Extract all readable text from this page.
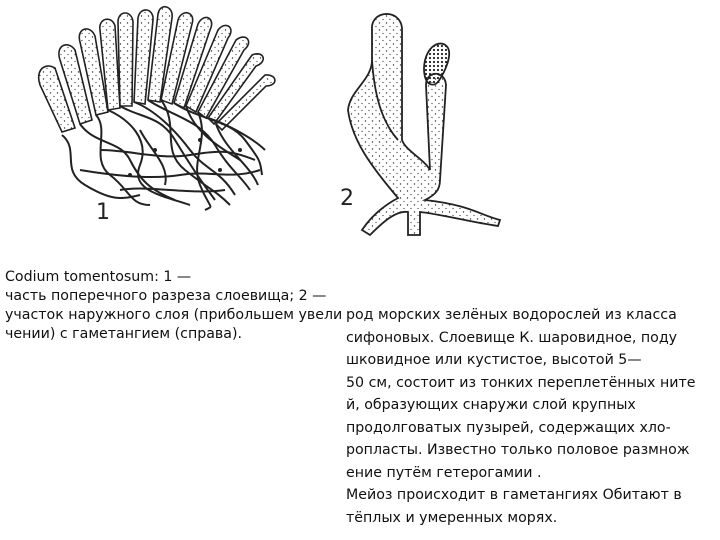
1
2
Codium tomentosum: 1 —
часть поперечного разреза слоевища; 2 —
участок наружного слоя (прибольшем увели
чении) с гаметангием (справа).
род морских зелёных водорослей из класса
сифоновых. Слоевище К. шаровидное, поду
шковидное или кустистое, высотой 5—
50 см, состоит из тонких переплетённых ните
й, образующих снаружи слой крупных
продолговатых пузырей, содержащих хло-
ропласты. Известно только половое размнож
ение путём гетерогамии .
Мейоз происходит в гаметангиях Обитают в
тёплых и умеренных морях.
